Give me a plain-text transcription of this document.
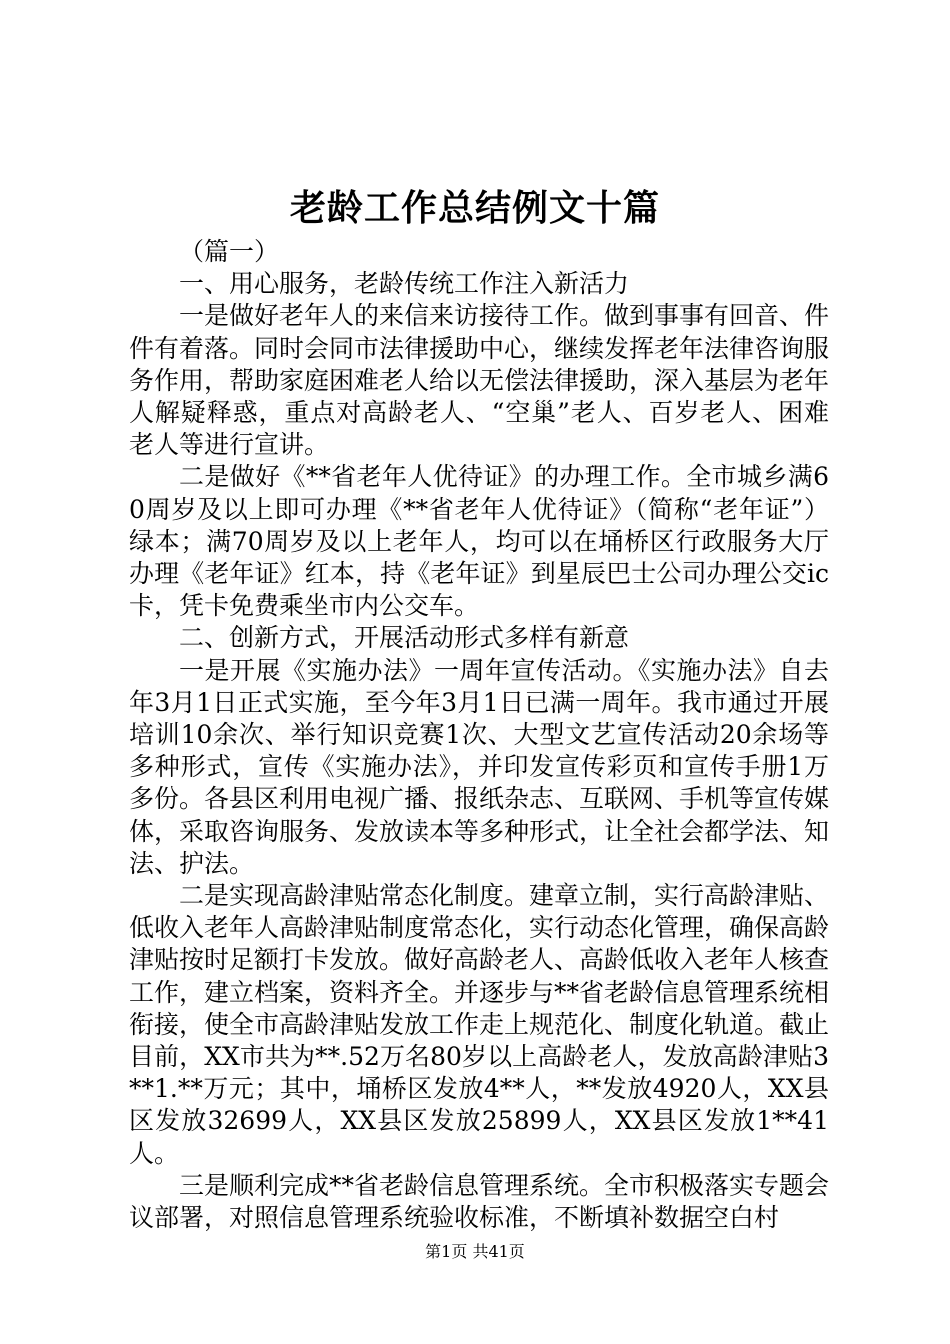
老龄工作总结例文十篇

（篇一）

一、用心服务，老龄传统工作注入新活力

一是做好老年人的来信来访接待工作。做到事事有回音、件件有着落。同时会同市法律援助中心，继续发挥老年法律咨询服务作用，帮助家庭困难老人给以无偿法律援助，深入基层为老年人解疑释惑，重点对高龄老人、“空巢”老人、百岁老人、困难老人等进行宣讲。

二是做好《**省老年人优待证》的办理工作。全市城乡满60周岁及以上即可办理《**省老年人优待证》（简称“老年证”）绿本；满70周岁及以上老年人，均可以在埇桥区行政服务大厅办理《老年证》红本，持《老年证》到星辰巴士公司办理公交ic卡，凭卡免费乘坐市内公交车。

二、创新方式，开展活动形式多样有新意

一是开展《实施办法》一周年宣传活动。《实施办法》自去年3月1日正式实施，至今年3月1日已满一周年。我市通过开展培训10余次、举行知识竞赛1次、大型文艺宣传活动20余场等多种形式，宣传《实施办法》，并印发宣传彩页和宣传手册1万多份。各县区利用电视广播、报纸杂志、互联网、手机等宣传媒体，采取咨询服务、发放读本等多种形式，让全社会都学法、知法、护法。

二是实现高龄津贴常态化制度。建章立制，实行高龄津贴、低收入老年人高龄津贴制度常态化，实行动态化管理，确保高龄津贴按时足额打卡发放。做好高龄老人、高龄低收入老年人核查工作，建立档案，资料齐全。并逐步与**省老龄信息管理系统相衔接，使全市高龄津贴发放工作走上规范化、制度化轨道。截止目前，XX市共为**.52万名80岁以上高龄老人，发放高龄津贴3**1.**万元；其中，埇桥区发放4**人，**发放4920人，XX县区发放32699人，XX县区发放25899人，XX县区发放1**41人。

三是顺利完成**省老龄信息管理系统。全市积极落实专题会议部署，对照信息管理系统验收标准，不断填补数据空白村

第1页 共41页
